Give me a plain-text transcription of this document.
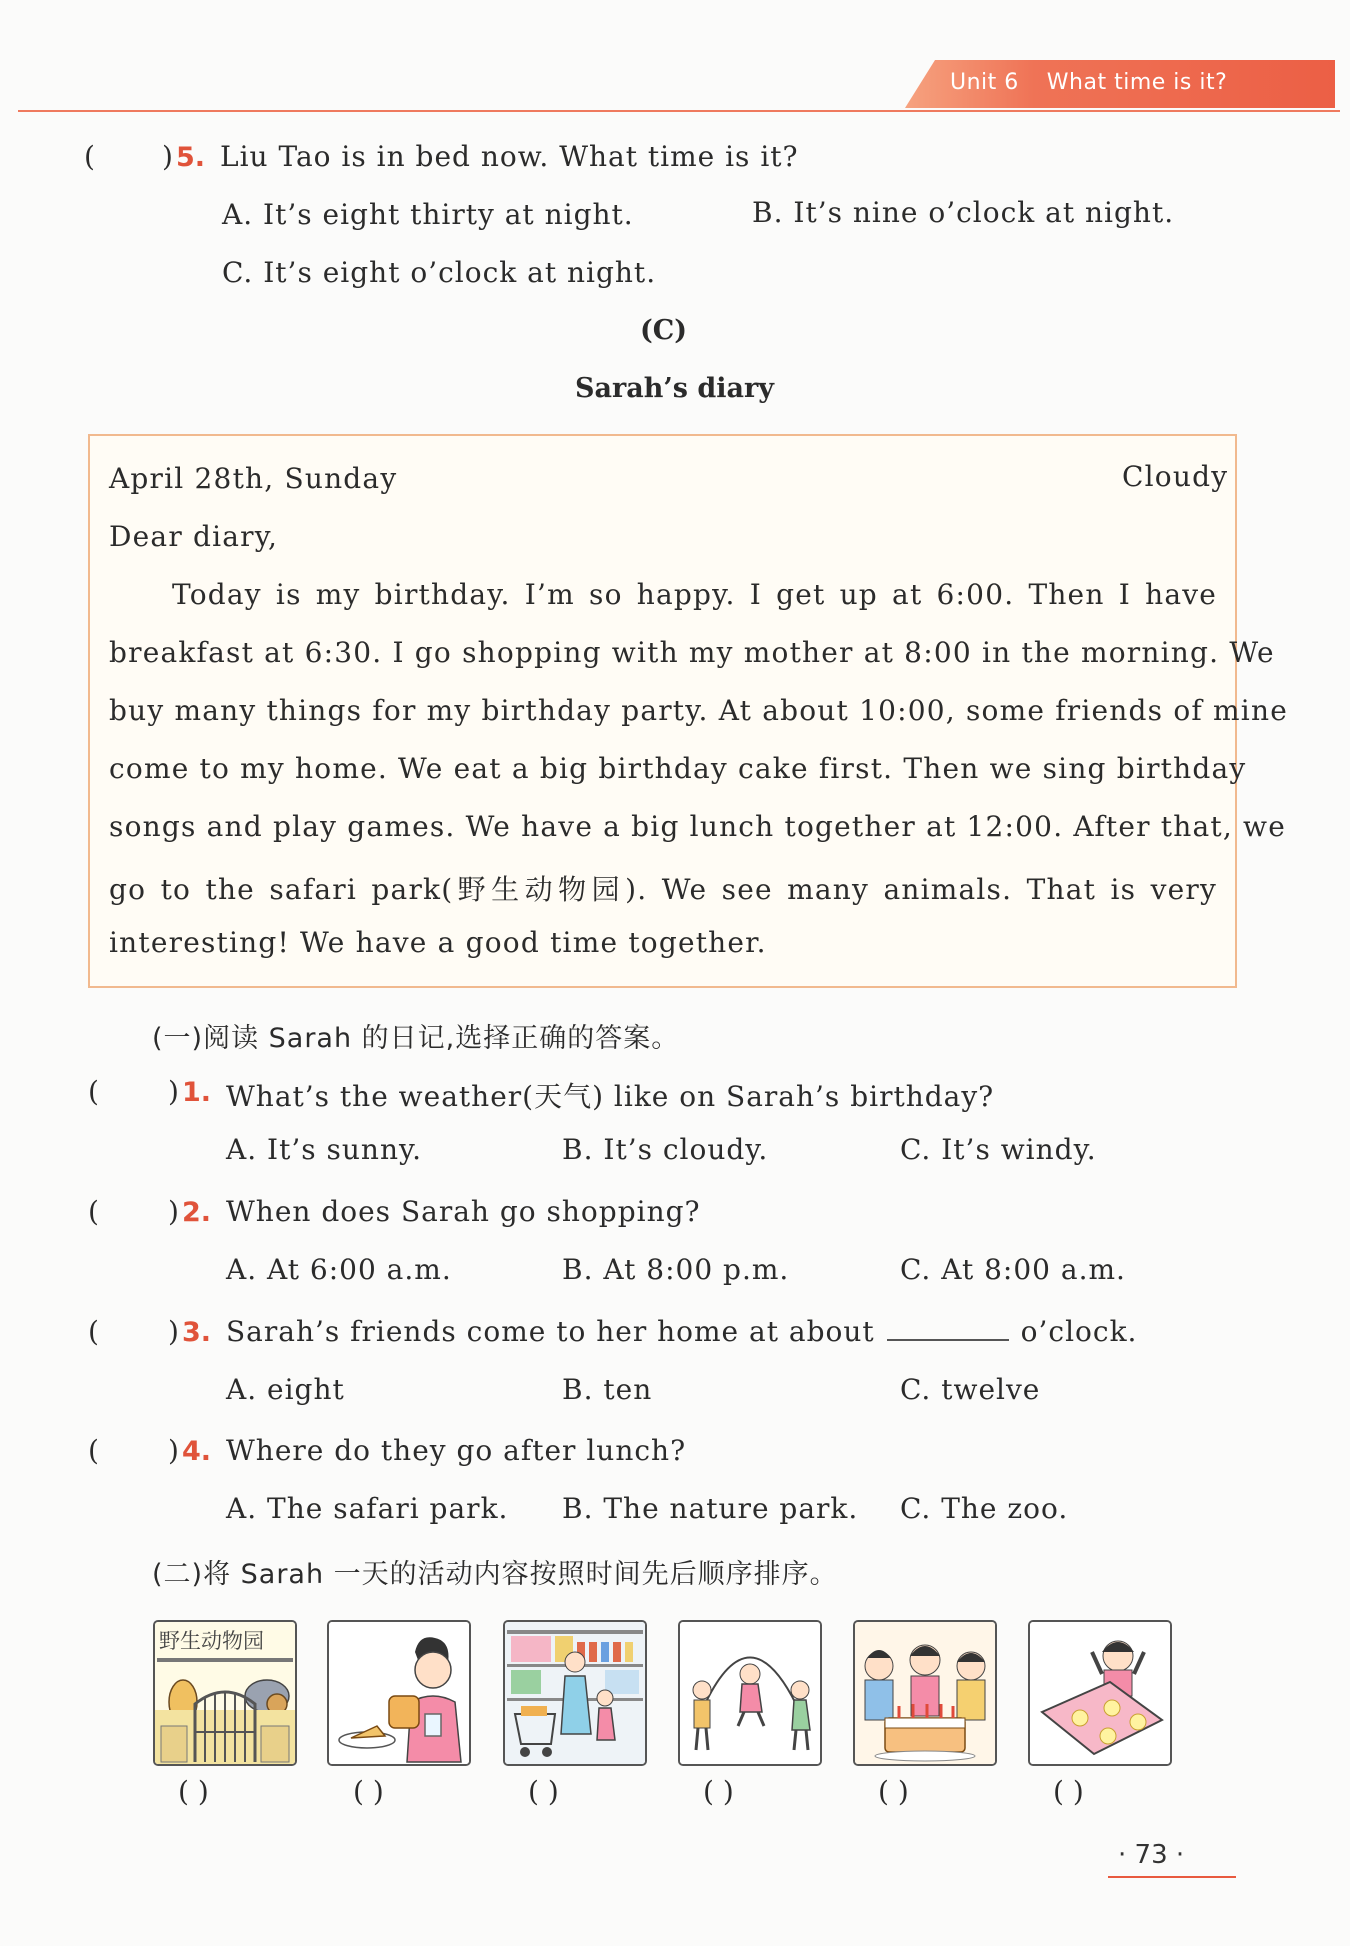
Unit 6 What time is it?
( ) 5. Liu Tao is in bed now. What time is it?
A. It’s eight thirty at night.	B. It’s nine o’clock at night.
C. It’s eight o’clock at night.
(C)
Sarah’s diary
April 28th, Sunday	Cloudy
Dear diary,
Today is my birthday. I’m so happy. I get up at 6:00. Then I have
breakfast at 6:30. I go shopping with my mother at 8:00 in the morning. We
buy many things for my birthday party. At about 10:00, some friends of mine
come to my home. We eat a big birthday cake first. Then we sing birthday
songs and play games. We have a big lunch together at 12:00. After that, we
go to the safari park(野生动物园). We see many animals. That is very
interesting! We have a good time together.
(一)阅读 Sarah 的日记,选择正确的答案。
( ) 1. What’s the weather(天气) like on Sarah’s birthday?
A. It’s sunny.	B. It’s cloudy.	C. It’s windy.
( ) 2. When does Sarah go shopping?
A. At 6:00 a.m.	B. At 8:00 p.m.	C. At 8:00 a.m.
( ) 3. Sarah’s friends come to her home at about	o’clock.
A. eight	B. ten	C. twelve
( ) 4. Where do they go after lunch?
A. The safari park. B. The nature park. C. The zoo.
(二)将 Sarah 一天的活动内容按照时间先后顺序排序。
野生动物园
( )	( )	( )	( )	( )	( )
· 73 ·
